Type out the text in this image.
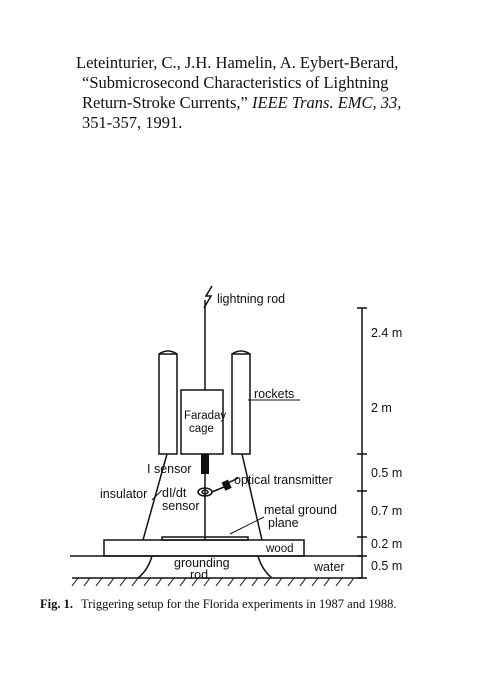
Leteinturier, C., J.H. Hamelin, A. Eybert-Berard,
“Submicrosecond Characteristics of Lightning
Return-Stroke Currents,” IEEE Trans. EMC, 33,
351-357, 1991.
lightning rod
rockets
Faraday
cage
I sensor
optical transmitter
insulator dI/dt
sensor	metal ground
plane
wood
grounding
rod
water
2.4 m
2 m
0.5 m
0.7 m
0.2 m
0.5 m
Fig. 1. Triggering setup for the Florida experiments in 1987 and 1988.
